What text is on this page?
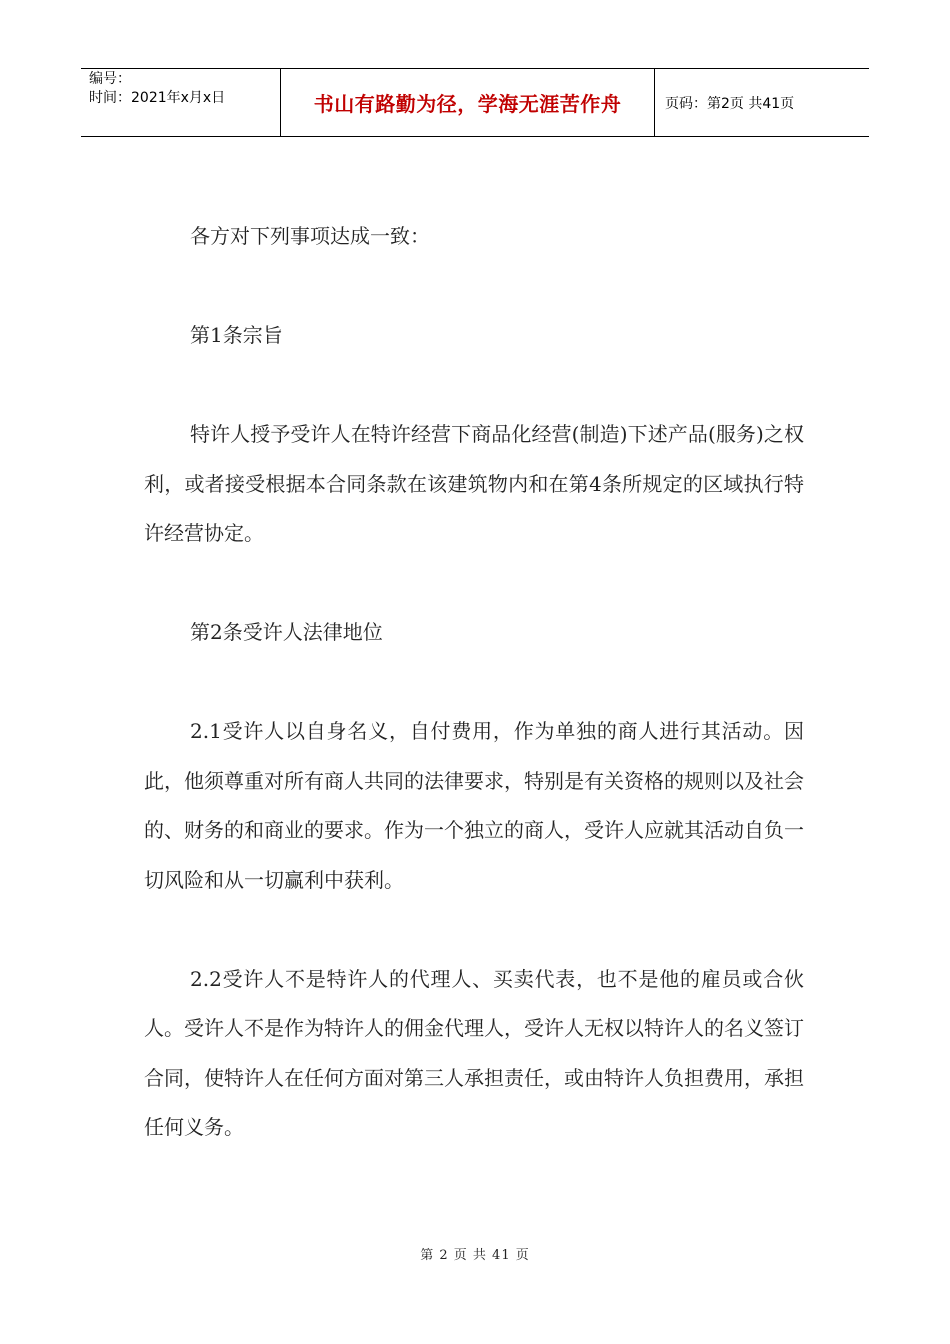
编号：
时间：2021年x月x日	书山有路勤为径，学海无涯苦作舟	页码：第2页 共41页

各方对下列事项达成一致：

第1条宗旨

特许人授予受许人在特许经营下商品化经营(制造)下述产品(服务)之权利，或者接受根据本合同条款在该建筑物内和在第4条所规定的区域执行特许经营协定。

第2条受许人法律地位

2.1受许人以自身名义，自付费用，作为单独的商人进行其活动。因此，他须尊重对所有商人共同的法律要求，特别是有关资格的规则以及社会的、财务的和商业的要求。作为一个独立的商人，受许人应就其活动自负一切风险和从一切赢利中获利。

2.2受许人不是特许人的代理人、买卖代表，也不是他的雇员或合伙人。受许人不是作为特许人的佣金代理人，受许人无权以特许人的名义签订合同，使特许人在任何方面对第三人承担责任，或由特许人负担费用，承担任何义务。

第 2 页 共 41 页
